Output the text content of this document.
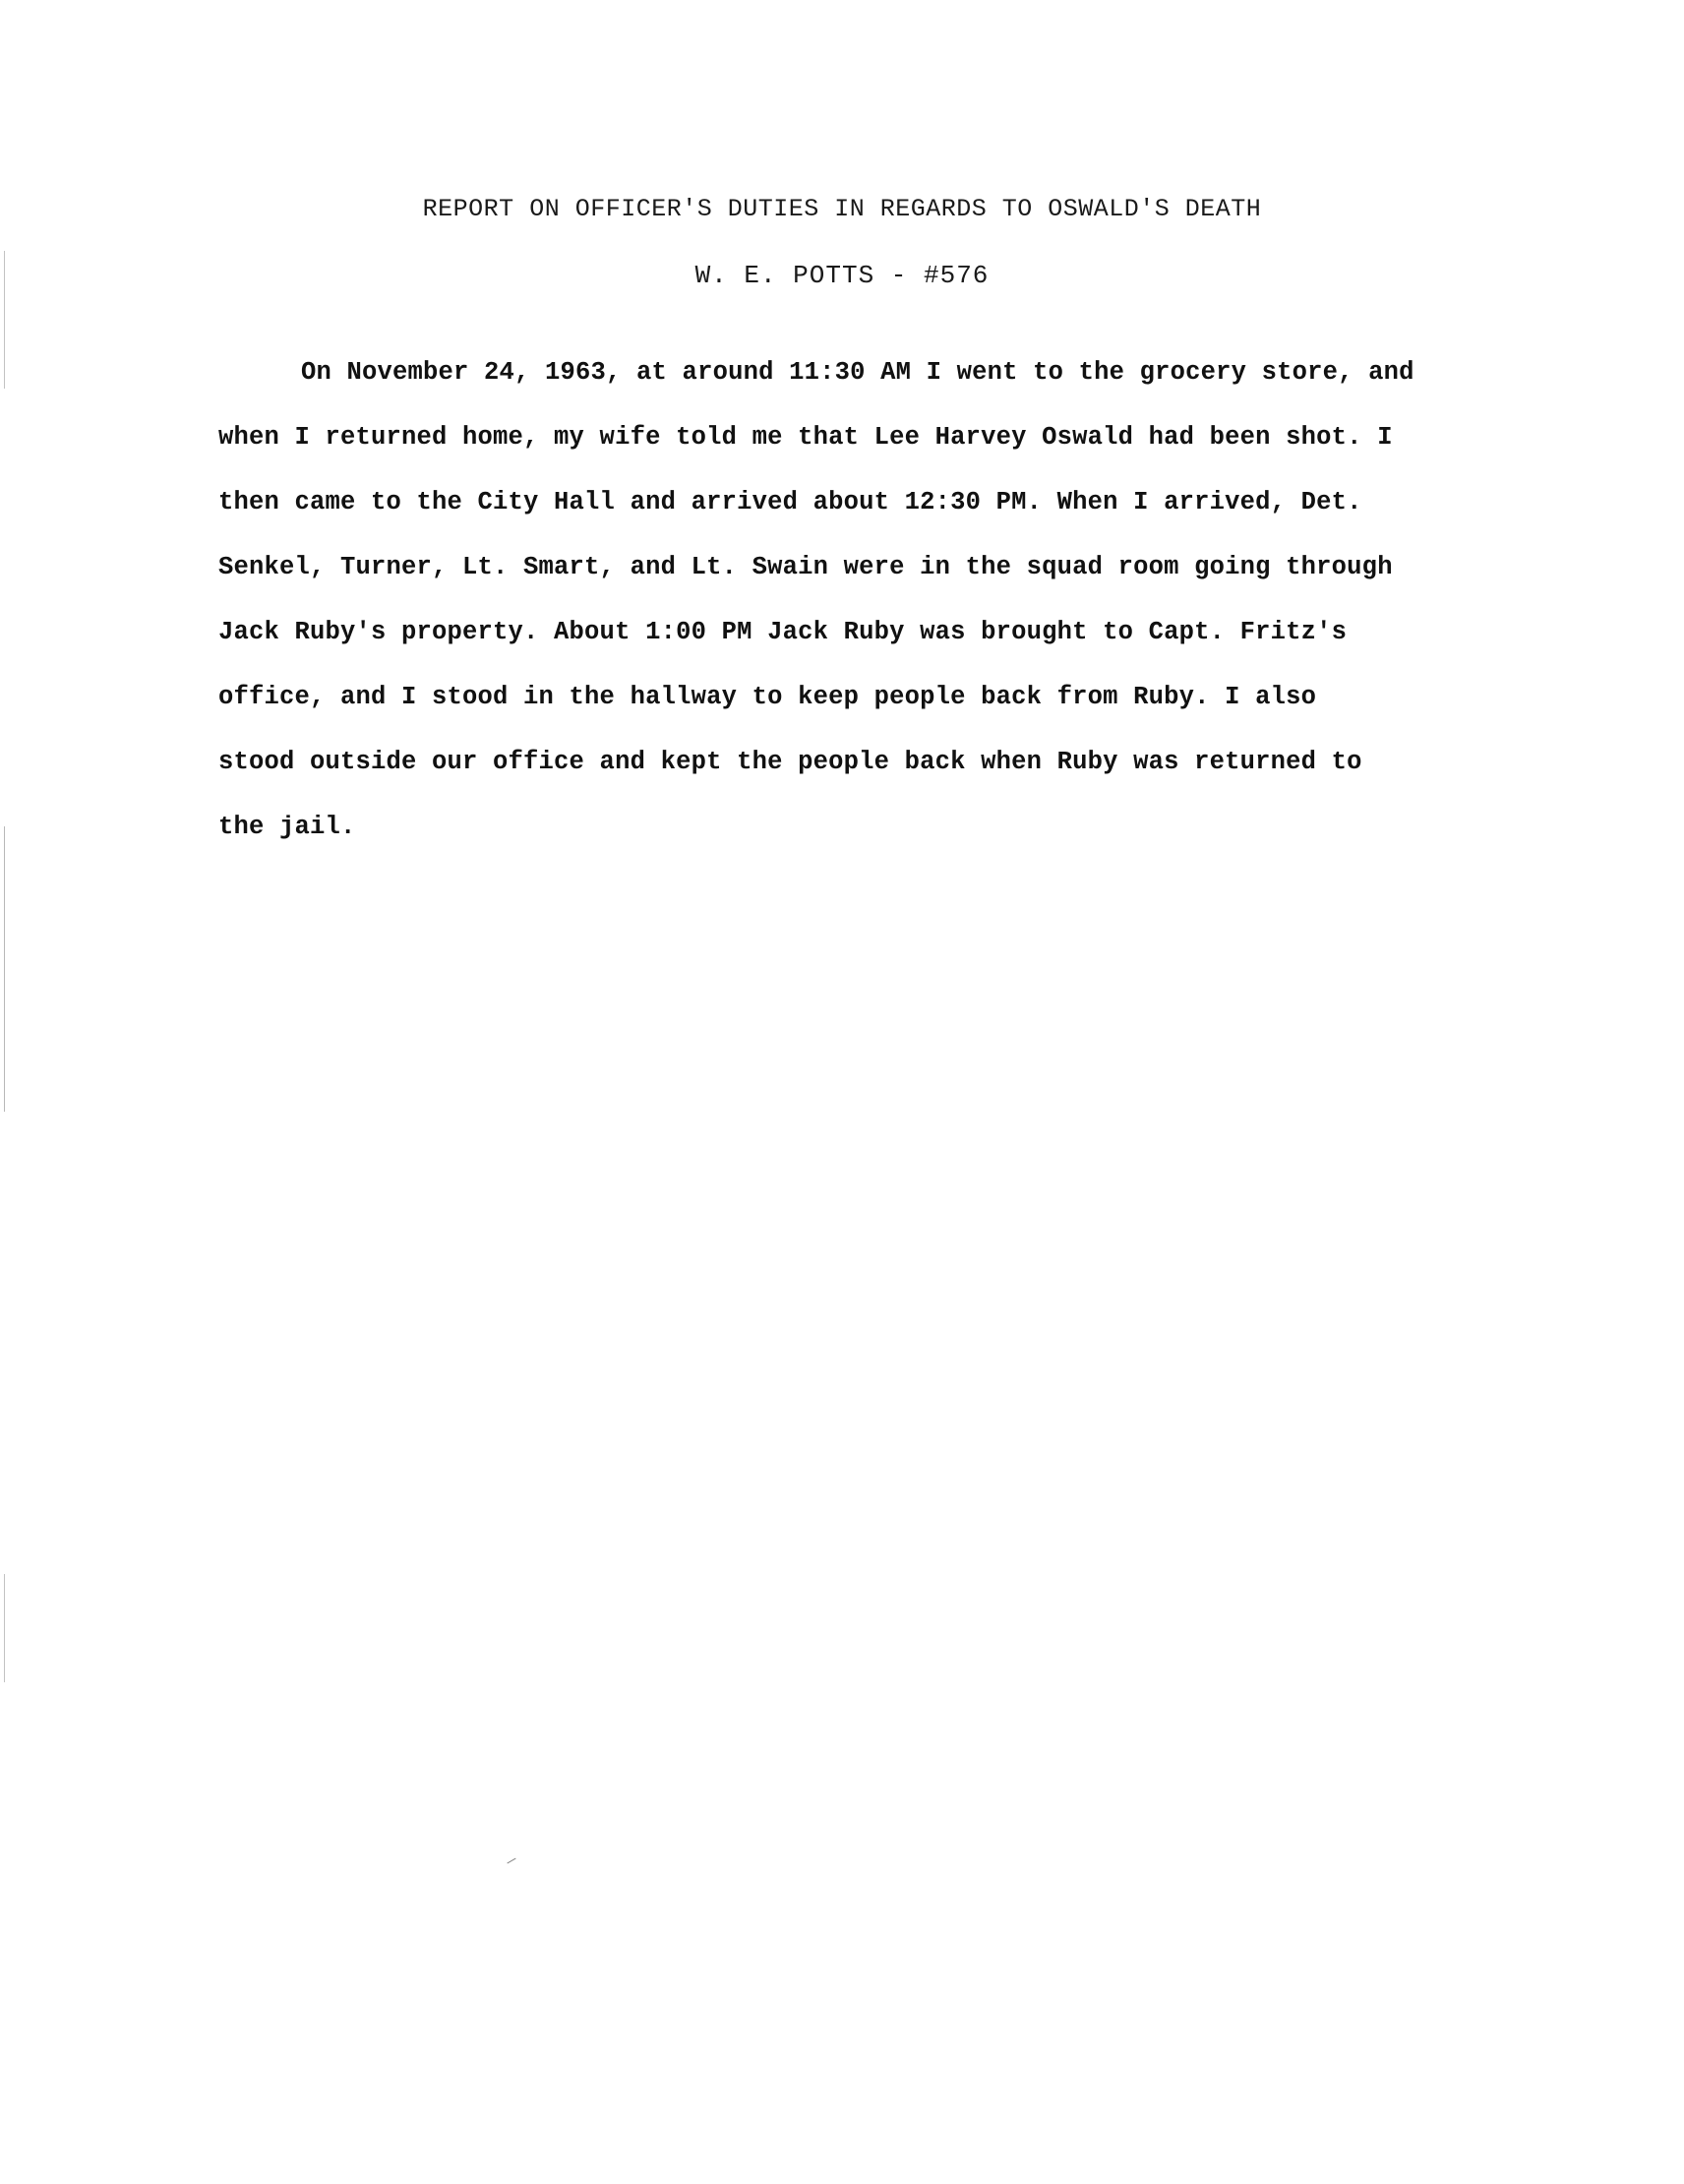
REPORT ON OFFICER'S DUTIES IN REGARDS TO OSWALD'S DEATH
W. E. POTTS - #576
On November 24, 1963, at around 11:30 AM I went to the grocery store, and
when I returned home, my wife told me that Lee Harvey Oswald had been shot. I
then came to the City Hall and arrived about 12:30 PM. When I arrived, Det.
Senkel, Turner, Lt. Smart, and Lt. Swain were in the squad room going through
Jack Ruby's property. About 1:00 PM Jack Ruby was brought to Capt. Fritz's
office, and I stood in the hallway to keep people back from Ruby. I also
stood outside our office and kept the people back when Ruby was returned to
the jail.
